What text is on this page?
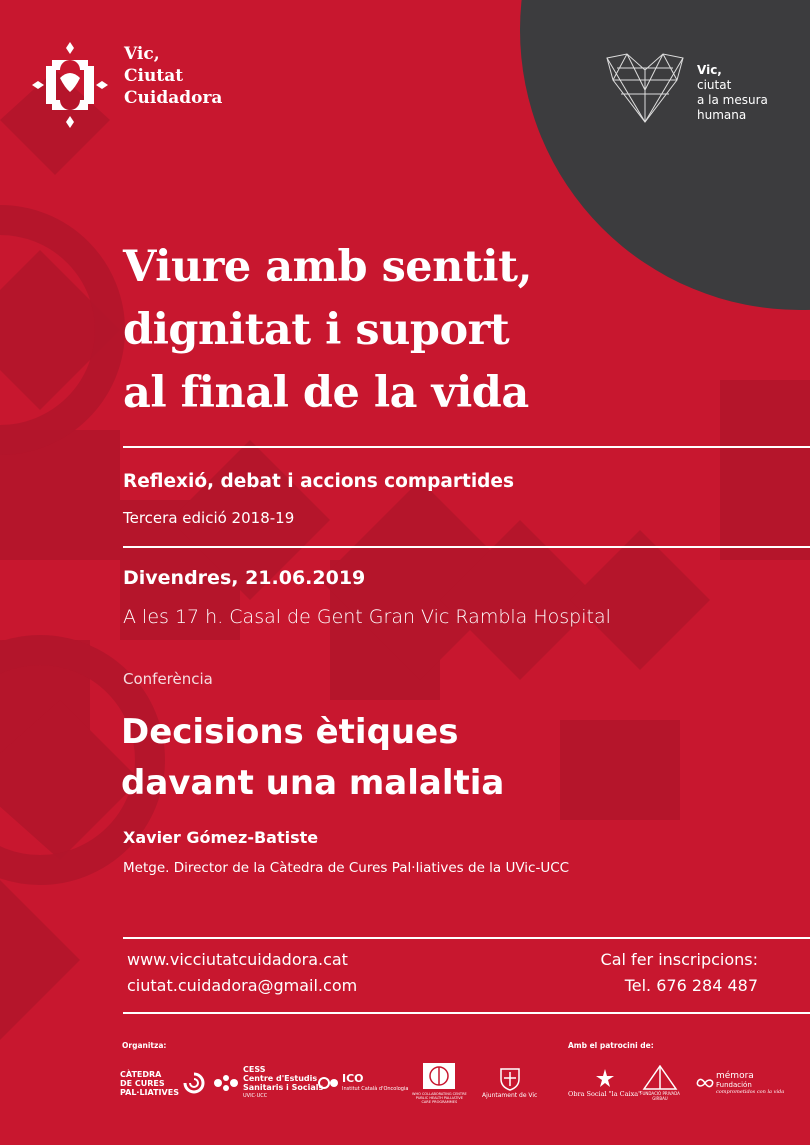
Vic,
Ciutat
Cuidadora
Vic,
ciutat
a la mesura
humana
Viure amb sentit,
dignitat i suport
al final de la vida
Reflexió, debat i accions compartides
Tercera edició 2018-19
Divendres, 21.06.2019
A les 17 h. Casal de Gent Gran Vic Rambla Hospital
Conferència
Decisions ètiques
davant una malaltia
Xavier Gómez-Batiste
Metge. Director de la Càtedra de Cures Pal·liatives de la UVic-UCC
www.vicciutatcuidadora.cat
ciutat.cuidadora@gmail.com
Cal fer inscripcions:
Tel. 676 284 487
Organitza:	Amb el patrocini de:
CÀTEDRA
DE CURES
PAL·LIATIVES
CESS
Centre d'Estudis
Sanitaris i Socials
UVIC·UCC
ICO
Institut Català d'Oncologia
WHO COLLABORATING CENTRE
PUBLIC HEALTH PALLIATIVE
CARE PROGRAMMES
Ajuntament de Vic	Obra Social "la Caixa" FUNDACIÓ PRIVADA
GIRBAU
mémora
Fundación
comprometidos con la vida
